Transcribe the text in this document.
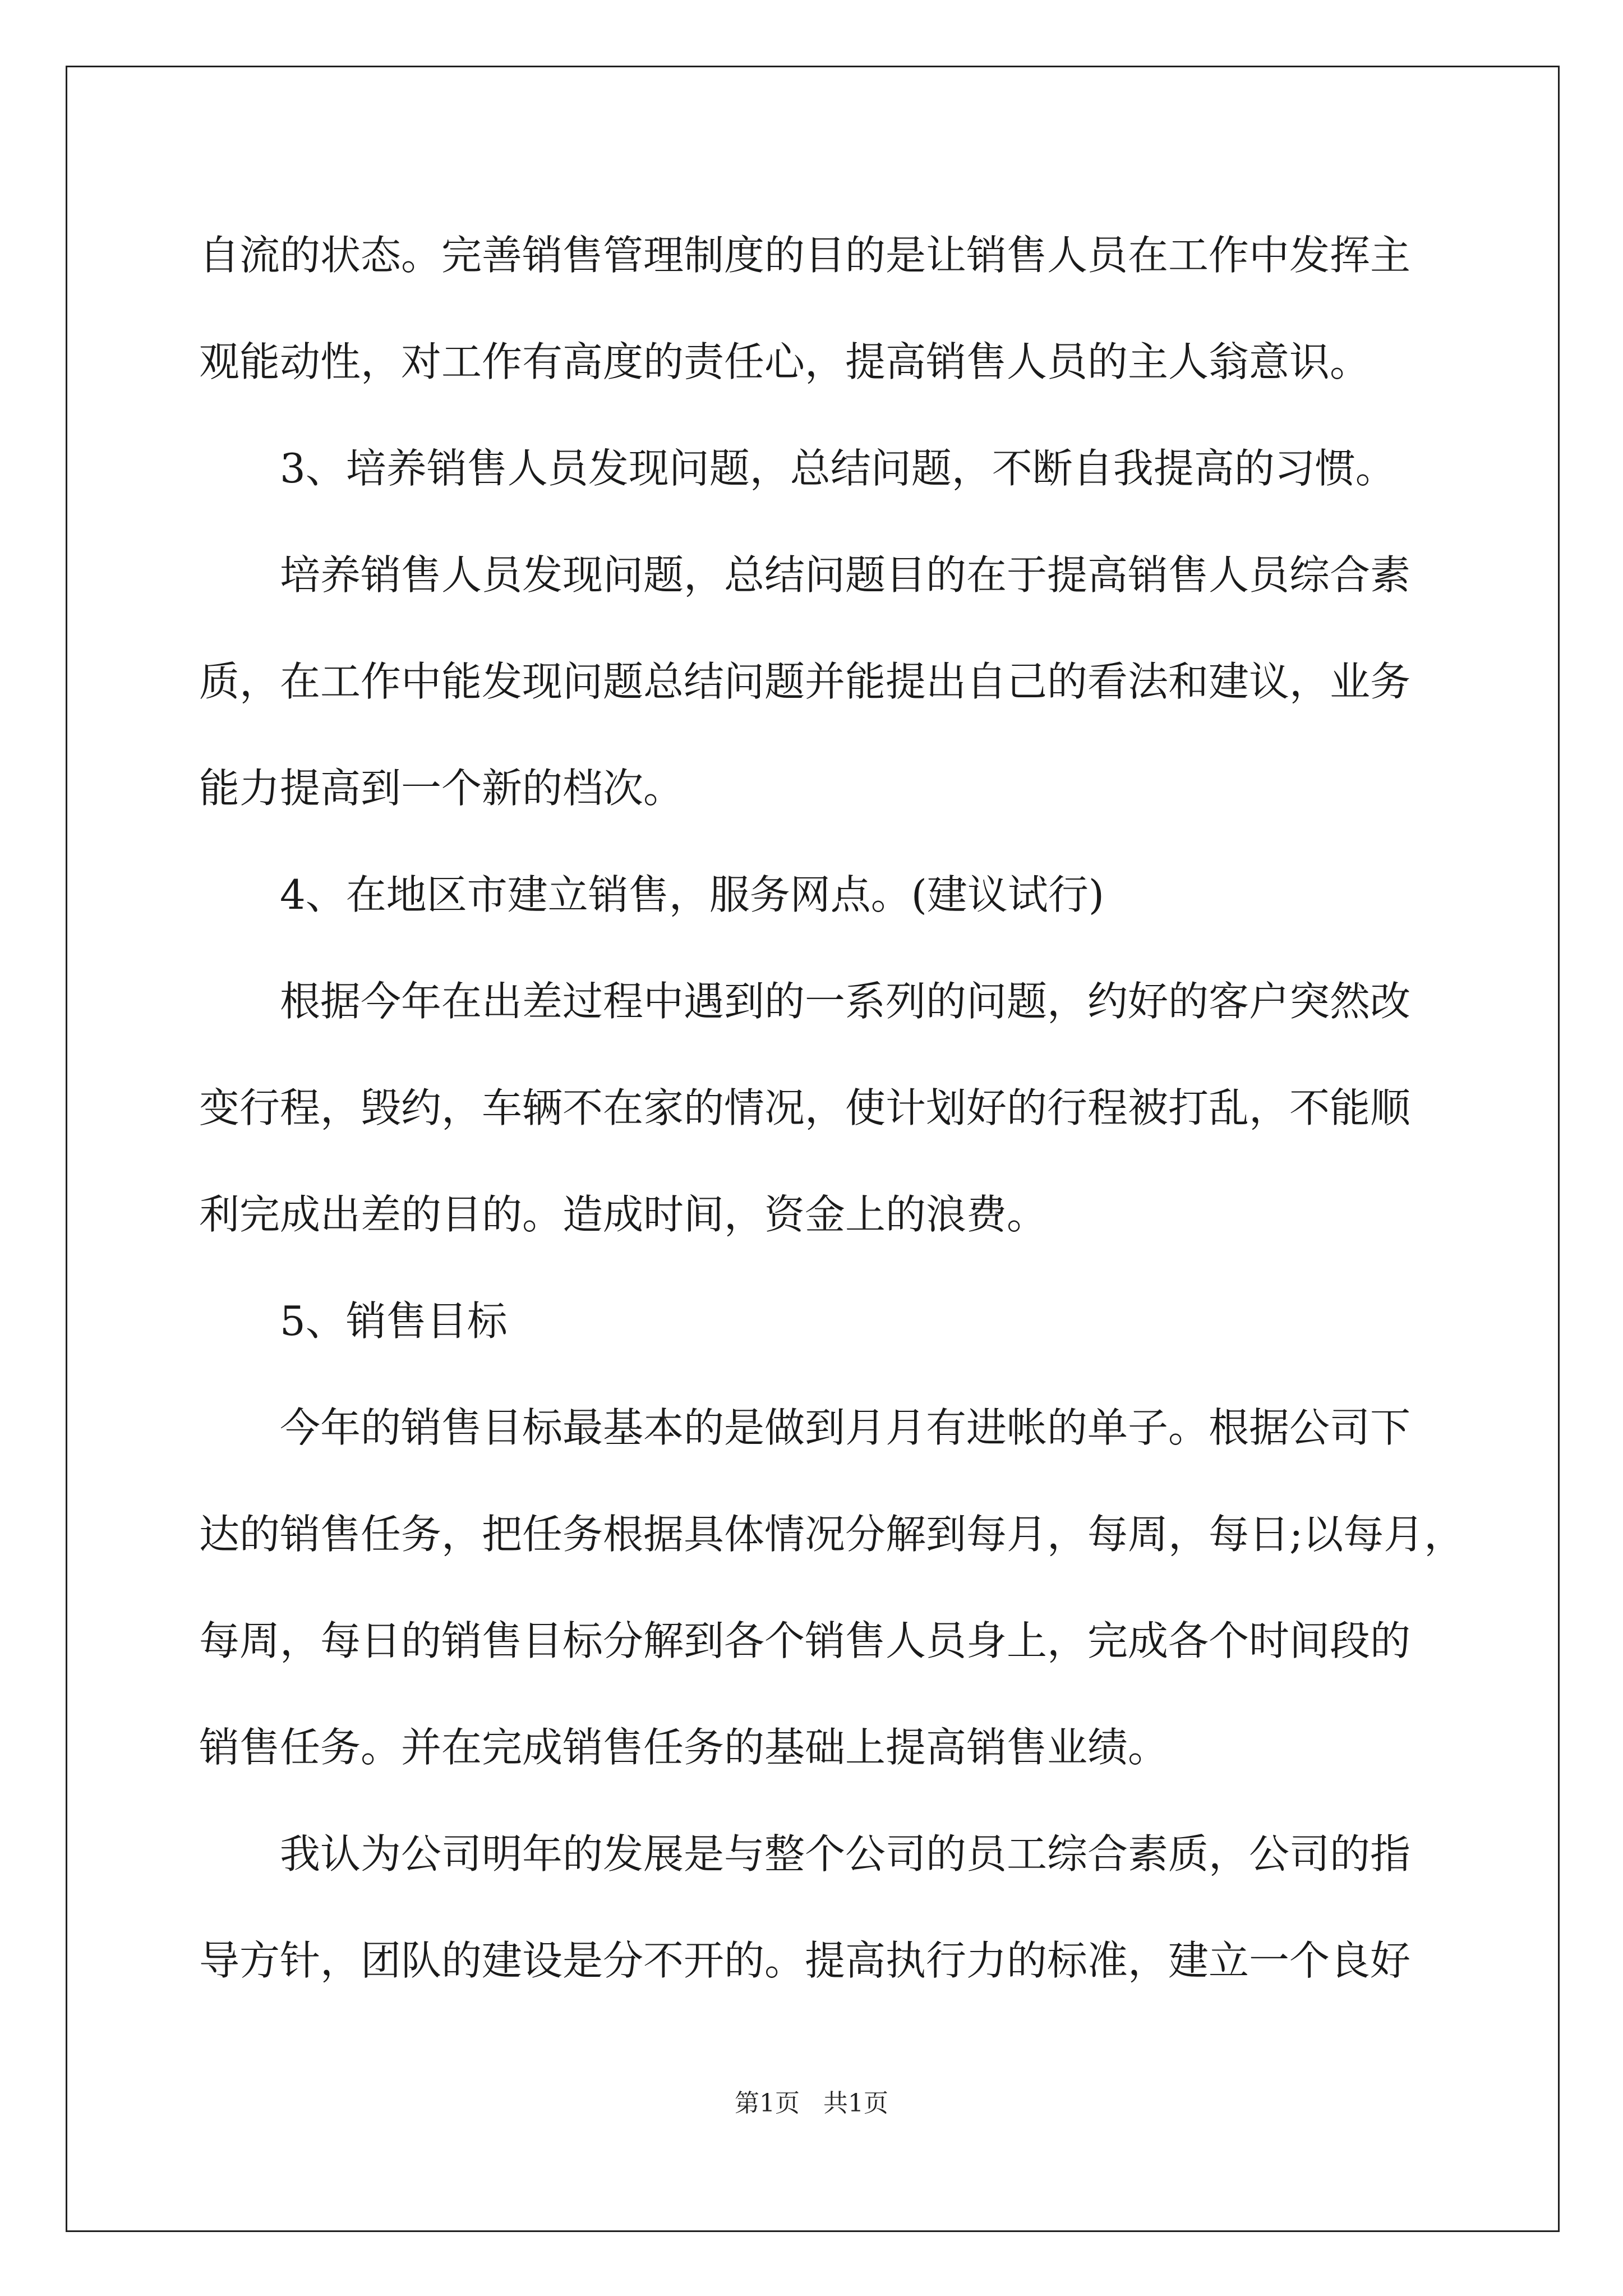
自流的状态。完善销售管理制度的目的是让销售人员在工作中发挥主
观能动性，对工作有高度的责任心，提高销售人员的主人翁意识。
3、培养销售人员发现问题，总结问题，不断自我提高的习惯。
培养销售人员发现问题，总结问题目的在于提高销售人员综合素
质，在工作中能发现问题总结问题并能提出自己的看法和建议，业务
能力提高到一个新的档次。
4、在地区市建立销售，服务网点。(建议试行)
根据今年在出差过程中遇到的一系列的问题，约好的客户突然改
变行程，毁约，车辆不在家的情况，使计划好的行程被打乱，不能顺
利完成出差的目的。造成时间，资金上的浪费。
5、销售目标
今年的销售目标最基本的是做到月月有进帐的单子。根据公司下
达的销售任务，把任务根据具体情况分解到每月，每周，每日;以每月，
每周，每日的销售目标分解到各个销售人员身上，完成各个时间段的
销售任务。并在完成销售任务的基础上提高销售业绩。
我认为公司明年的发展是与整个公司的员工综合素质，公司的指
导方针，团队的建设是分不开的。提高执行力的标准，建立一个良好
第1页   共1页
